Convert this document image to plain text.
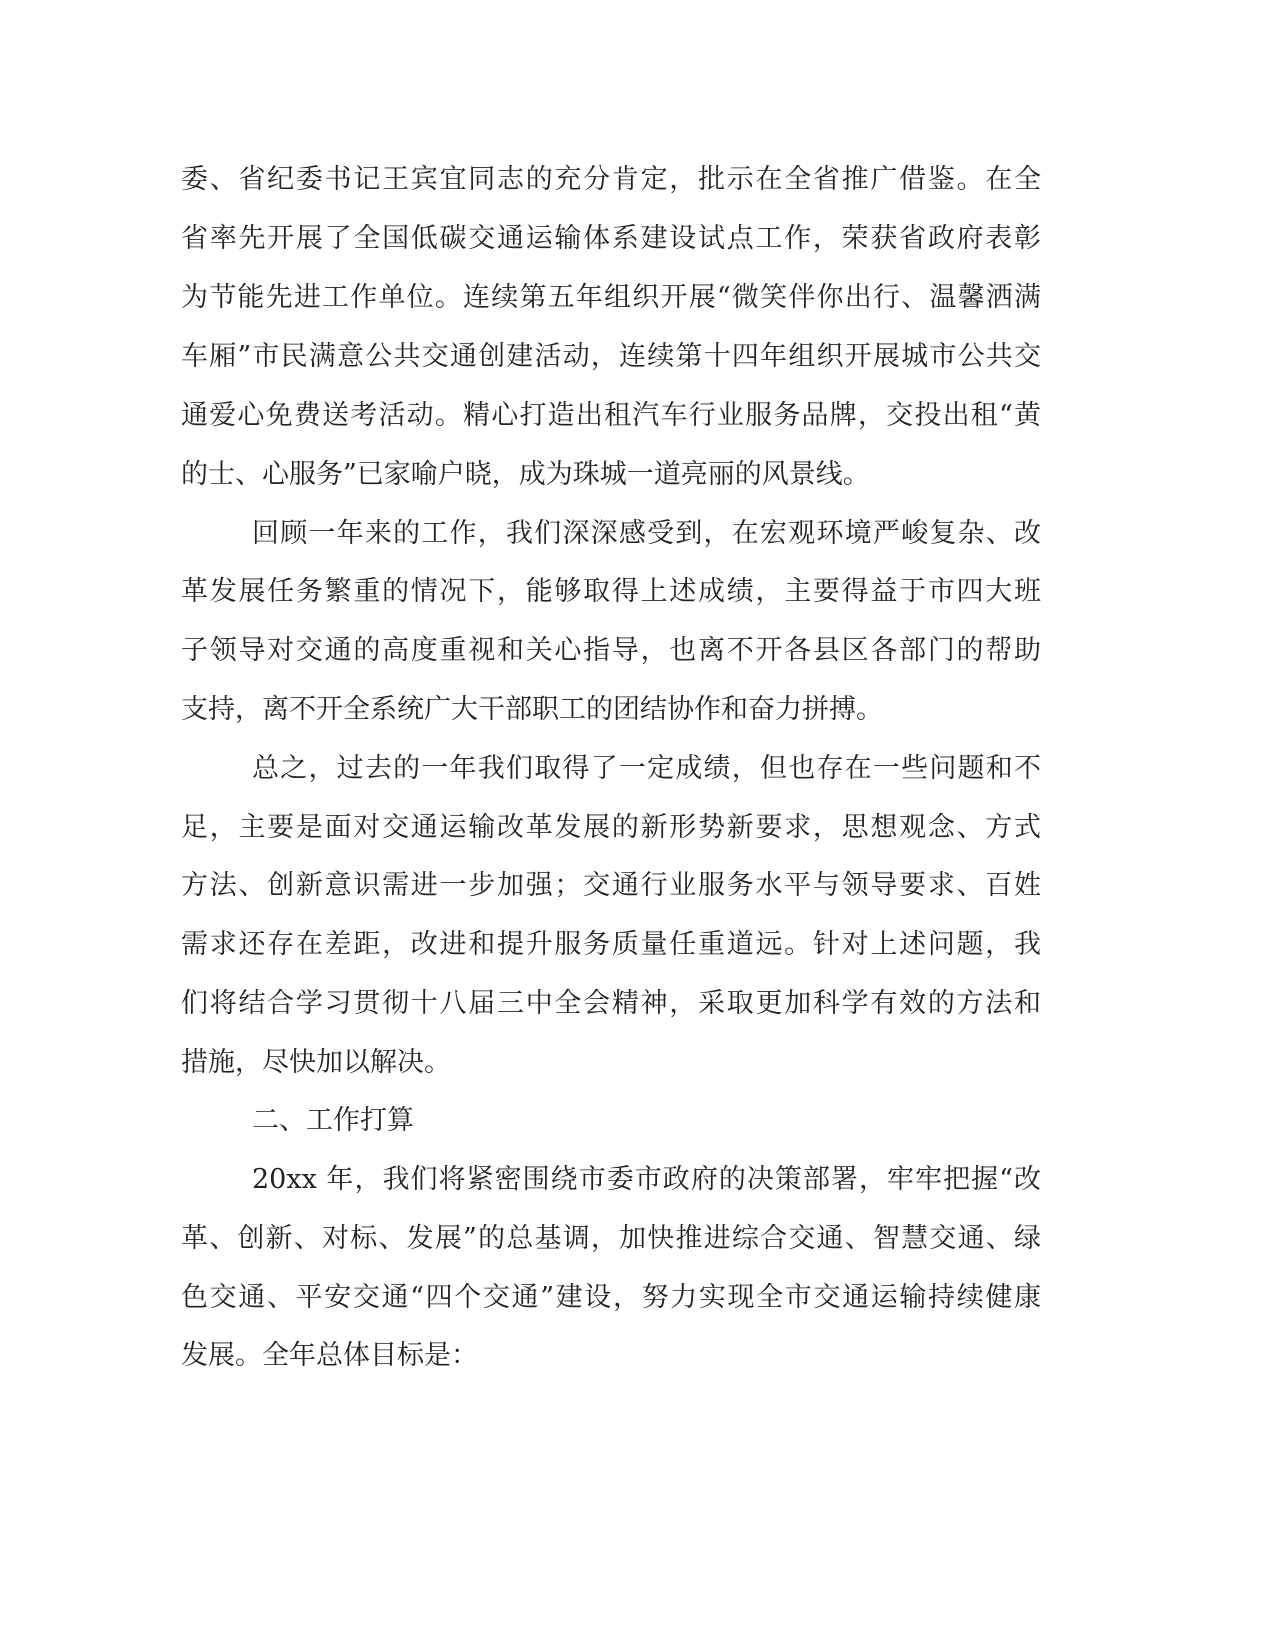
委、省纪委书记王宾宜同志的充分肯定，批示在全省推广借鉴。在全
省率先开展了全国低碳交通运输体系建设试点工作，荣获省政府表彰
为节能先进工作单位。连续第五年组织开展“微笑伴你出行、温馨洒满
车厢”市民满意公共交通创建活动，连续第十四年组织开展城市公共交
通爱心免费送考活动。精心打造出租汽车行业服务品牌，交投出租“黄
的士、心服务”已家喻户晓，成为珠城一道亮丽的风景线。
回顾一年来的工作，我们深深感受到，在宏观环境严峻复杂、改
革发展任务繁重的情况下，能够取得上述成绩，主要得益于市四大班
子领导对交通的高度重视和关心指导，也离不开各县区各部门的帮助
支持，离不开全系统广大干部职工的团结协作和奋力拼搏。
总之，过去的一年我们取得了一定成绩，但也存在一些问题和不
足，主要是面对交通运输改革发展的新形势新要求，思想观念、方式
方法、创新意识需进一步加强；交通行业服务水平与领导要求、百姓
需求还存在差距，改进和提升服务质量任重道远。针对上述问题，我
们将结合学习贯彻十八届三中全会精神，采取更加科学有效的方法和
措施，尽快加以解决。
二、工作打算
20xx 年，我们将紧密围绕市委市政府的决策部署，牢牢把握“改
革、创新、对标、发展”的总基调，加快推进综合交通、智慧交通、绿
色交通、平安交通“四个交通”建设，努力实现全市交通运输持续健康
发展。全年总体目标是：
